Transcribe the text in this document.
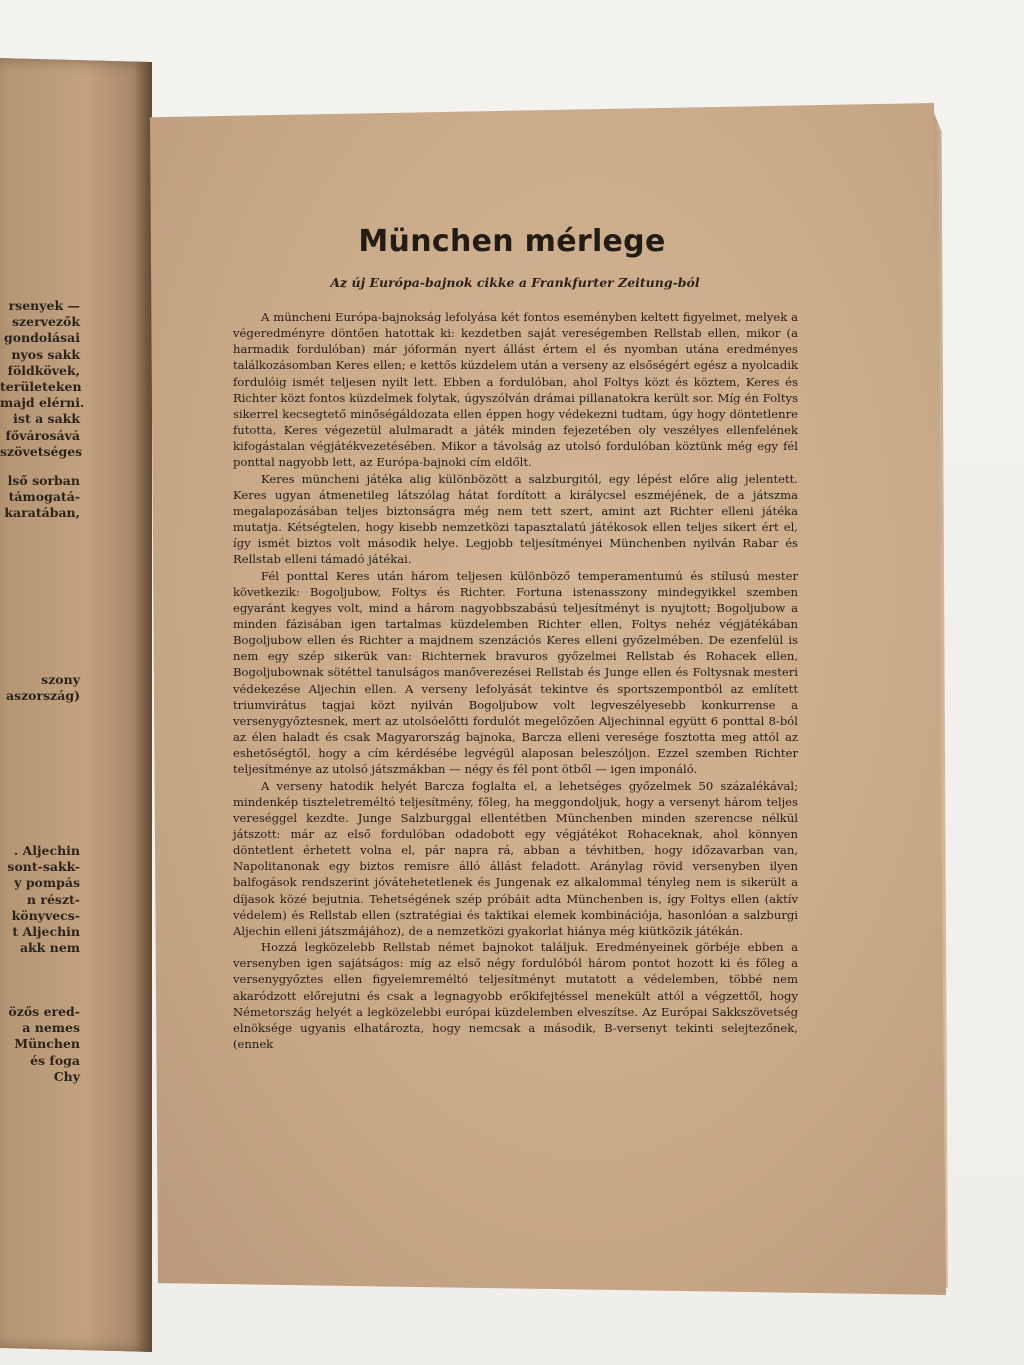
rsenyek —
szervezők
gondolásai
nyos sakk
földkövek,
területeken
majd elérni.
ist a sakk
fővárosává
szövetséges
lső sorban
támogatá-
karatában,
szony
aszország)
. Aljechin
sont-sakk-
y pompás
n részt-
könyvecs-
t Aljechin
akk nem
özős ered-
a nemes
München
és foga
Chy
München mérlege
Az új Európa-bajnok cikke a Frankfurter Zeitung-ból

A müncheni Európa-bajnokság lefolyása két fontos eseményben keltett figyelmet, melyek a végeredményre döntően hatottak ki: kezdetben saját vereségemben Rellstab ellen, mikor (a harmadik fordulóban) már jóformán nyert állást értem el és nyomban utána eredményes találkozásomban Keres ellen; e kettős küzdelem után a verseny az elsőségért egész a nyolcadik fordulóig ismét teljesen nyilt lett. Ebben a fordulóban, ahol Foltys közt és köztem, Keres és Richter közt fontos küzdelmek folytak, úgyszólván drámai pillanatokra került sor. Míg én Foltys sikerrel kecsegtető minőségáldozata ellen éppen hogy védekezni tudtam, úgy hogy döntetlenre futotta, Keres végezetül alulmaradt a játék minden fejezetében oly veszélyes ellenfelének kifogástalan végjátékvezetésében. Mikor a távolság az utolsó fordulóban köztünk még egy fél ponttal nagyobb lett, az Európa-bajnoki cím eldőlt.

Keres müncheni játéka alig különbözött a salzburgitól, egy lépést előre alig jelentett. Keres ugyan átmenetileg látszólag hátat fordított a királycsel eszméjének, de a játszma megalapozásában teljes biztonságra még nem tett szert, amint azt Richter elleni játéka mutatja. Kétségtelen, hogy kisebb nemzetközi tapasztalatú játékosok ellen teljes sikert ért el, így ismét biztos volt második helye. Legjobb teljesítményei Münchenben nyilván Rabar és Rellstab elleni támadó játékai.

Fél ponttal Keres után három teljesen különböző temperamentumú és stílusú mester következik: Bogoljubow, Foltys és Richter. Fortuna istenasszony mindegyikkel szemben egyaránt kegyes volt, mind a három nagyobbszabású teljesítményt is nyujtott; Bogoljubow a minden fázisában igen tartalmas küzdelemben Richter ellen, Foltys nehéz végjátékában Bogoljubow ellen és Richter a majdnem szenzációs Keres elleni győzelmében. De ezenfelül is nem egy szép sikerük van: Richternek bravuros győzelmei Rellstab és Rohacek ellen, Bogoljubownak sötéttel tanulságos manőverezései Rellstab és Junge ellen és Foltysnak mesteri védekezése Aljechin ellen. A verseny lefolyását tekintve és sportszempontból az említett triumvirátus tagjai közt nyilván Bogoljubow volt legveszélyesebb konkurrense a versenygyőztesnek, mert az utolsóelőtti fordulót megelőzően Aljechinnal együtt 6 ponttal 8-ból az élen haladt és csak Magyarország bajnoka, Barcza elleni veresége fosztotta meg attól az eshetőségtől, hogy a cím kérdésébe legvégül alaposan beleszóljon. Ezzel szemben Richter teljesítménye az utolsó játszmákban — négy és fél pont ötből — igen imponáló.

A verseny hatodik helyét Barcza foglalta el, a lehetséges győzelmek 50 százalékával; mindenkép tiszteletreméltó teljesítmény, főleg, ha meggondoljuk, hogy a versenyt három teljes vereséggel kezdte. Junge Salzburggal ellentétben Münchenben minden szerencse nélkül játszott: már az első fordulóban odadobott egy végjátékot Rohaceknak, ahol könnyen döntetlent érhetett volna el, pár napra rá, abban a tévhitben, hogy időzavarban van, Napolitanonak egy biztos remisre álló állást feladott. Aránylag rövid versenyben ilyen balfogások rendszerint jóvátehetetlenek és Jungenak ez alkalommal tényleg nem is sikerült a díjasok közé bejutnia. Tehetségének szép próbáit adta Münchenben is, így Foltys ellen (aktív védelem) és Rellstab ellen (sztratégiai és taktikai elemek kombinációja, hasonlóan a salzburgi Aljechin elleni játszmájához), de a nemzetközi gyakorlat hiánya még kiütközik játékán.

Hozzá legközelebb Rellstab német bajnokot találjuk. Eredményeinek görbéje ebben a versenyben igen sajátságos: míg az első négy fordulóból három pontot hozott ki és főleg a versenygyőztes ellen figyelemreméltó teljesítményt mutatott a védelemben, többé nem akaródzott előrejutni és csak a legnagyobb erőkifejtéssel menekült attól a végzettől, hogy Németország helyét a legközelebbi európai küzdelemben elveszítse. Az Európai Sakkszövetség elnöksége ugyanis elhatározta, hogy nemcsak a második, B-versenyt tekinti selejtezőnek, (ennek
